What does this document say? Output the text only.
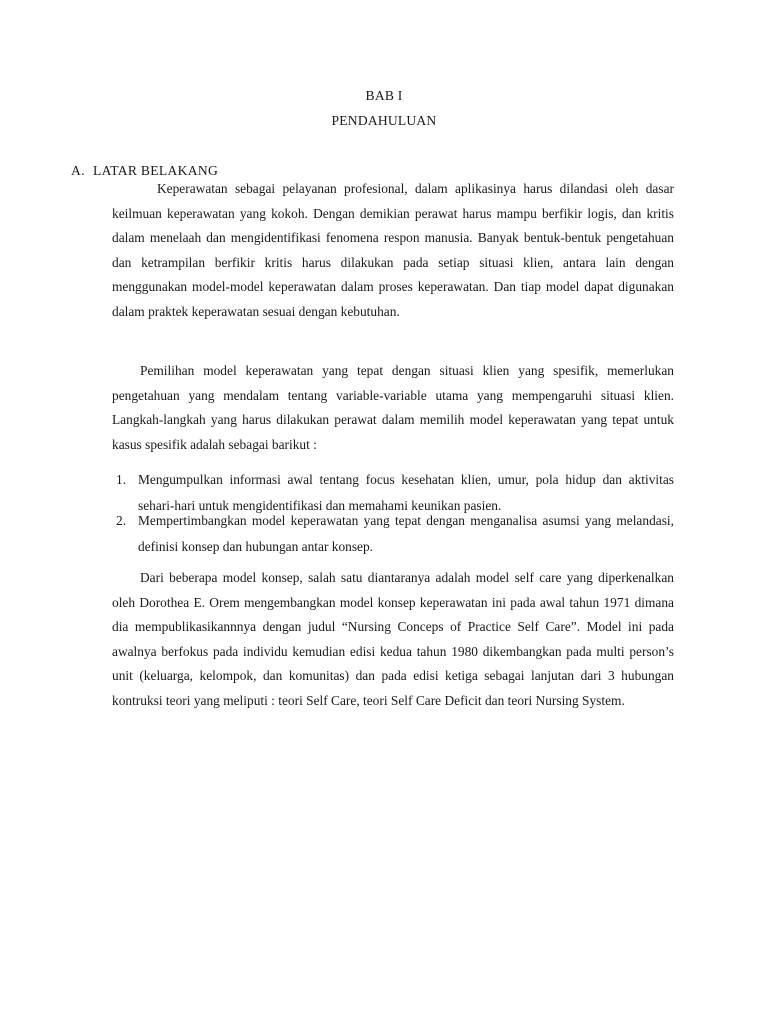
BAB I
PENDAHULUAN
A. LATAR BELAKANG

Keperawatan sebagai pelayanan profesional, dalam aplikasinya harus dilandasi oleh dasar keilmuan keperawatan yang kokoh. Dengan demikian perawat harus mampu berfikir logis, dan kritis dalam menelaah dan mengidentifikasi fenomena respon manusia. Banyak bentuk-bentuk pengetahuan dan ketrampilan berfikir kritis harus dilakukan pada setiap situasi klien, antara lain dengan menggunakan model-model keperawatan dalam proses keperawatan. Dan tiap model dapat digunakan dalam praktek keperawatan sesuai dengan kebutuhan.

Pemilihan model keperawatan yang tepat dengan situasi klien yang spesifik, memerlukan pengetahuan yang mendalam tentang variable-variable utama yang mempengaruhi situasi klien. Langkah-langkah yang harus dilakukan perawat dalam memilih model keperawatan yang tepat untuk kasus spesifik adalah sebagai barikut :

1. Mengumpulkan informasi awal tentang focus kesehatan klien, umur, pola hidup dan aktivitas sehari-hari untuk mengidentifikasi dan memahami keunikan pasien.
2. Mempertimbangkan model keperawatan yang tepat dengan menganalisa asumsi yang melandasi, definisi konsep dan hubungan antar konsep.

Dari beberapa model konsep, salah satu diantaranya adalah model self care yang diperkenalkan oleh Dorothea E. Orem mengembangkan model konsep keperawatan ini pada awal tahun 1971 dimana dia mempublikasikannnya dengan judul “Nursing Conceps of Practice Self Care”. Model ini pada awalnya berfokus pada individu kemudian edisi kedua tahun 1980 dikembangkan pada multi person’s unit (keluarga, kelompok, dan komunitas) dan pada edisi ketiga sebagai lanjutan dari 3 hubungan kontruksi teori yang meliputi : teori Self Care, teori Self Care Deficit dan teori Nursing System.
